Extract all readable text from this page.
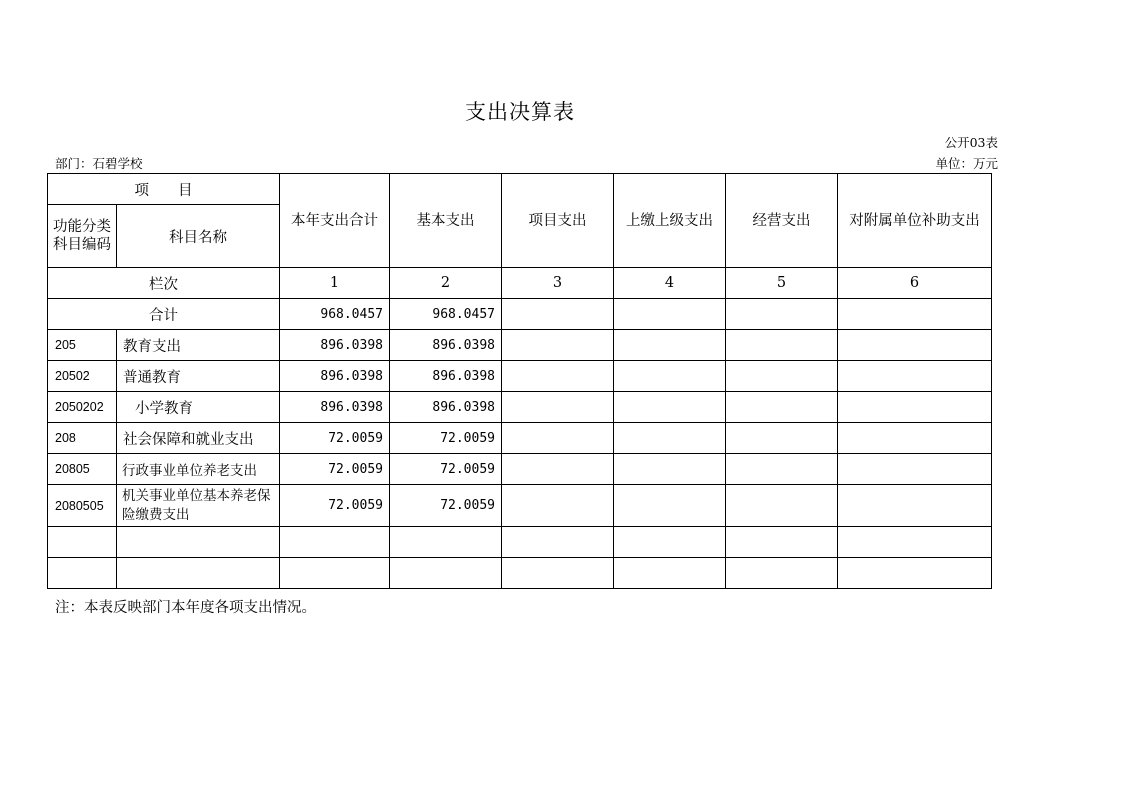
支出决算表
公开03表
部门：石碧学校	单位：万元
项　　目		本年支出合计	基本支出	项目支出	上缴上级支出	经营支出	对附属单位补助支出
功能分类科目编码	科目名称						
栏次		1	2	3	4	5	6
合计		968.0457	968.0457				
205	教育支出	896.0398	896.0398				
20502	普通教育	896.0398	896.0398				
2050202	小学教育	896.0398	896.0398				
208	社会保障和就业支出	72.0059	72.0059				
20805	行政事业单位养老支出	72.0059	72.0059				
2080505	机关事业单位基本养老保险缴费支出	72.0059	72.0059				

注：本表反映部门本年度各项支出情况。
